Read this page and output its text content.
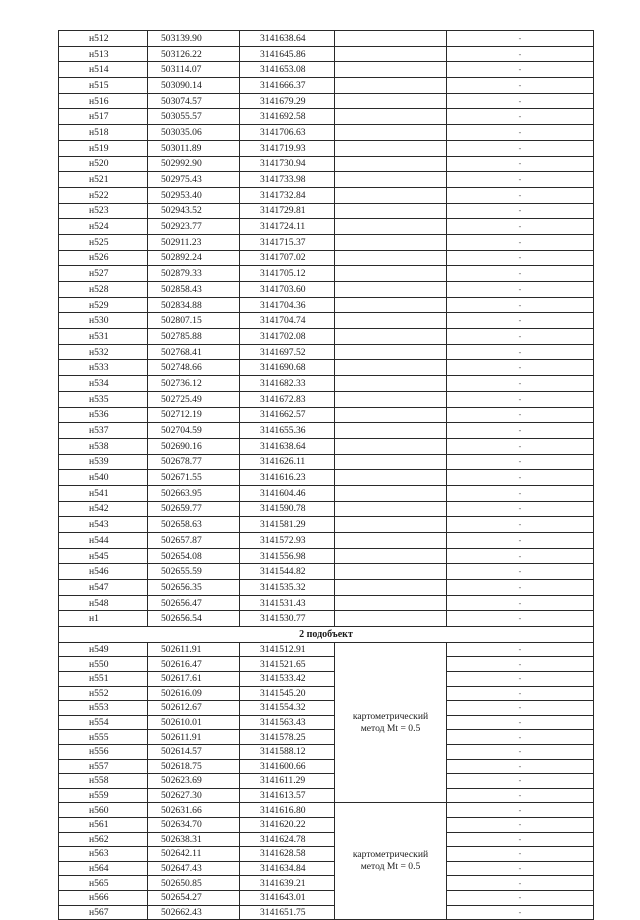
н512	503139.90	3141638.64		-
н513	503126.22	3141645.86		-
н514	503114.07	3141653.08		-
н515	503090.14	3141666.37		-
н516	503074.57	3141679.29		-
н517	503055.57	3141692.58		-
н518	503035.06	3141706.63		-
н519	503011.89	3141719.93		-
н520	502992.90	3141730.94		-
н521	502975.43	3141733.98		-
н522	502953.40	3141732.84		-
н523	502943.52	3141729.81		-
н524	502923.77	3141724.11		-
н525	502911.23	3141715.37		-
н526	502892.24	3141707.02		-
н527	502879.33	3141705.12		-
н528	502858.43	3141703.60		-
н529	502834.88	3141704.36		-
н530	502807.15	3141704.74		-
н531	502785.88	3141702.08		-
н532	502768.41	3141697.52		-
н533	502748.66	3141690.68		-
н534	502736.12	3141682.33		-
н535	502725.49	3141672.83		-
н536	502712.19	3141662.57		-
н537	502704.59	3141655.36		-
н538	502690.16	3141638.64		-
н539	502678.77	3141626.11		-
н540	502671.55	3141616.23		-
н541	502663.95	3141604.46		-
н542	502659.77	3141590.78		-
н543	502658.63	3141581.29		-
н544	502657.87	3141572.93		-
н545	502654.08	3141556.98		-
н546	502655.59	3141544.82		-
н547	502656.35	3141535.32		-
н548	502656.47	3141531.43		-
н1	502656.54	3141530.77		-
2 подобъект				
н549	502611.91	3141512.91	картометрический метод Мt = 0.5	-
н550	502616.47	3141521.65		-
н551	502617.61	3141533.42		-
н552	502616.09	3141545.20		-
н553	502612.67	3141554.32		-
н554	502610.01	3141563.43		-
н555	502611.91	3141578.25		-
н556	502614.57	3141588.12		-
н557	502618.75	3141600.66		-
н558	502623.69	3141611.29		-
н559	502627.30	3141613.57		-
н560	502631.66	3141616.80	картометрический метод Мt = 0.5	-
н561	502634.70	3141620.22		-
н562	502638.31	3141624.78		-
н563	502642.11	3141628.58		-
н564	502647.43	3141634.84		-
н565	502650.85	3141639.21		-
н566	502654.27	3141643.01		-
н567	502662.43	3141651.75		-
